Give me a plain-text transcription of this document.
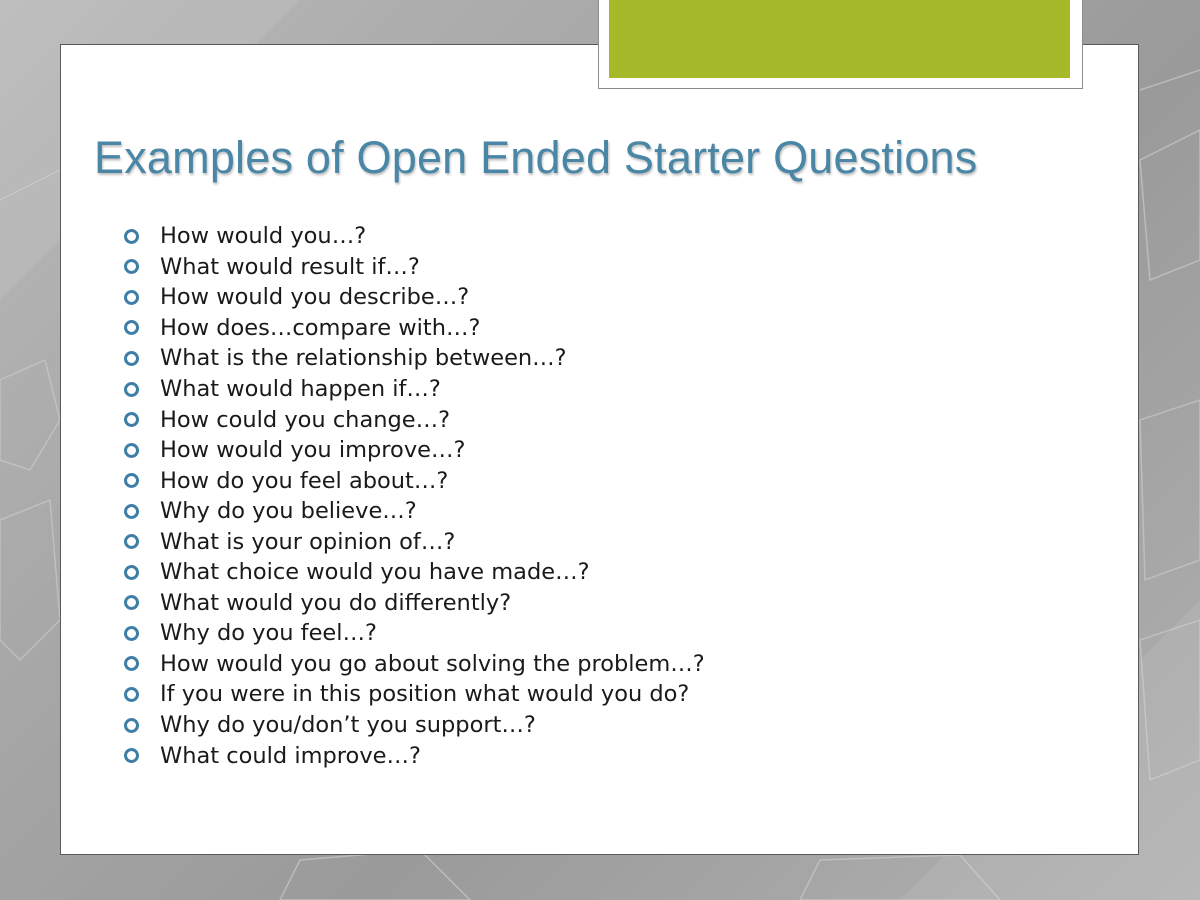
Examples of Open Ended Starter Questions
How would you…?
What would result if…?
How would you describe…?
How does…compare with…?
What is the relationship between…?
What would happen if…?
How could you change…?
How would you improve…?
How do you feel about…?
Why do you believe…?
What is your opinion of…?
What choice would you have made…?
What would you do differently?
Why do you feel…?
How would you go about solving the problem…?
If you were in this position what would you do?
Why do you/don’t you support…?
What could improve…?
